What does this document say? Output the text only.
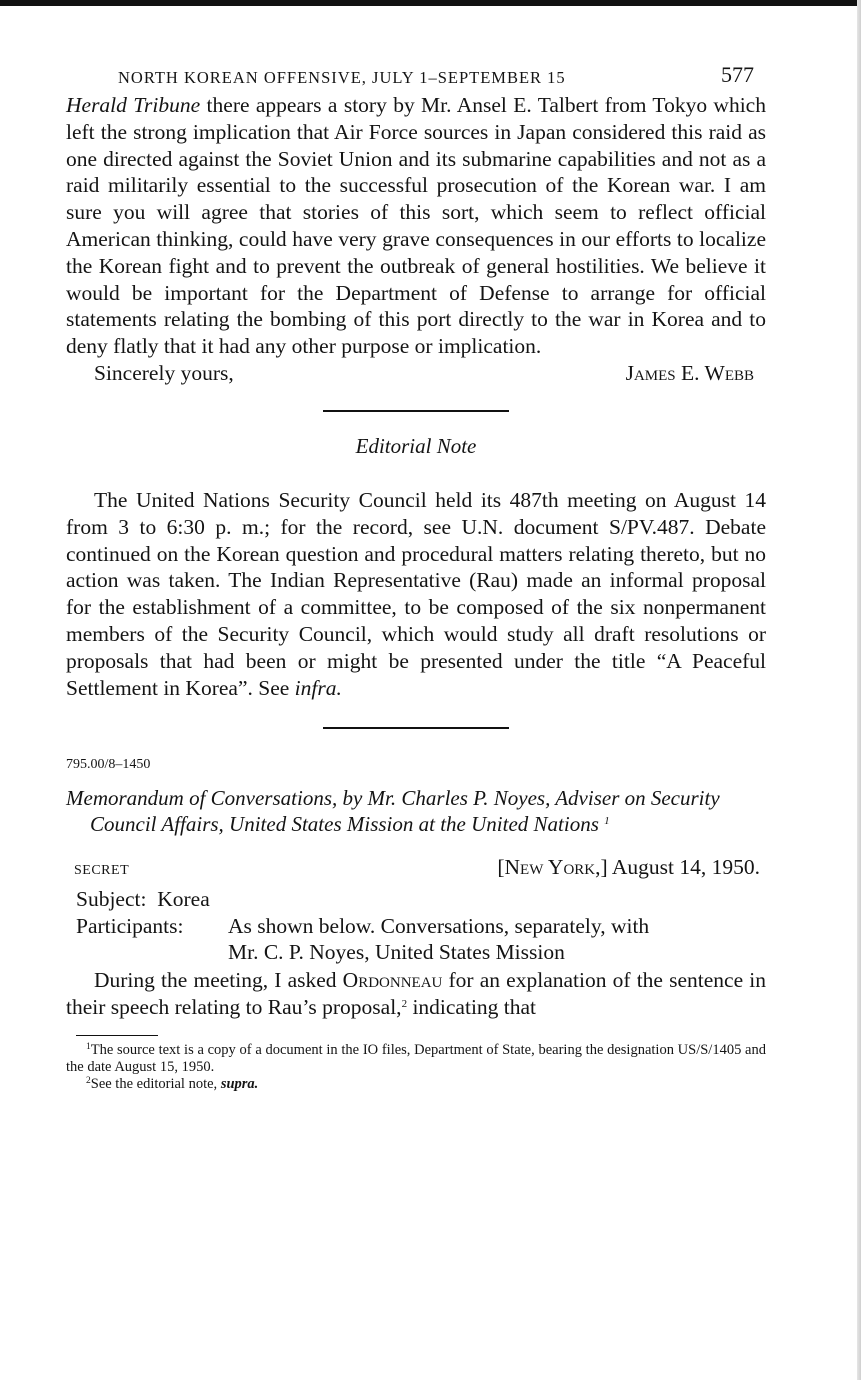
NORTH KOREAN OFFENSIVE, JULY 1–SEPTEMBER 15	577

Herald Tribune there appears a story by Mr. Ansel E. Talbert from Tokyo which left the strong implication that Air Force sources in Japan considered this raid as one directed against the Soviet Union and its submarine capabilities and not as a raid militarily essential to the successful prosecution of the Korean war. I am sure you will agree that stories of this sort, which seem to reflect official American thinking, could have very grave consequences in our efforts to localize the Korean fight and to prevent the outbreak of general hostilities. We believe it would be important for the Department of Defense to arrange for official statements relating the bombing of this port directly to the war in Korea and to deny flatly that it had any other purpose or implication.

Sincerely yours,	James E. Webb
Editorial Note

The United Nations Security Council held its 487th meeting on August 14 from 3 to 6:30 p. m.; for the record, see U.N. document S/PV.487. Debate continued on the Korean question and procedural matters relating thereto, but no action was taken. The Indian Representative (Rau) made an informal proposal for the establishment of a committee, to be composed of the six nonpermanent members of the Security Council, which would study all draft resolutions or proposals that had been or might be presented under the title “A Peaceful Settlement in Korea”. See infra.

795.00/8–1450

Memorandum of Conversations, by Mr. Charles P. Noyes, Adviser on Security Council Affairs, United States Mission at the United Nations $^1$

SECRET	[New York,] August 14, 1950.
Subject: Korea
Participants: As shown below. Conversations, separately, with
Mr. C. P. Noyes, United States Mission

During the meeting, I asked Ordonneau for an explanation of the sentence in their speech relating to Rau’s proposal,$^2$ indicating that

$^1$The source text is a copy of a document in the IO files, Department of State, bearing the designation US/S/1405 and the date August 15, 1950.

$^2$See the editorial note, supra.
